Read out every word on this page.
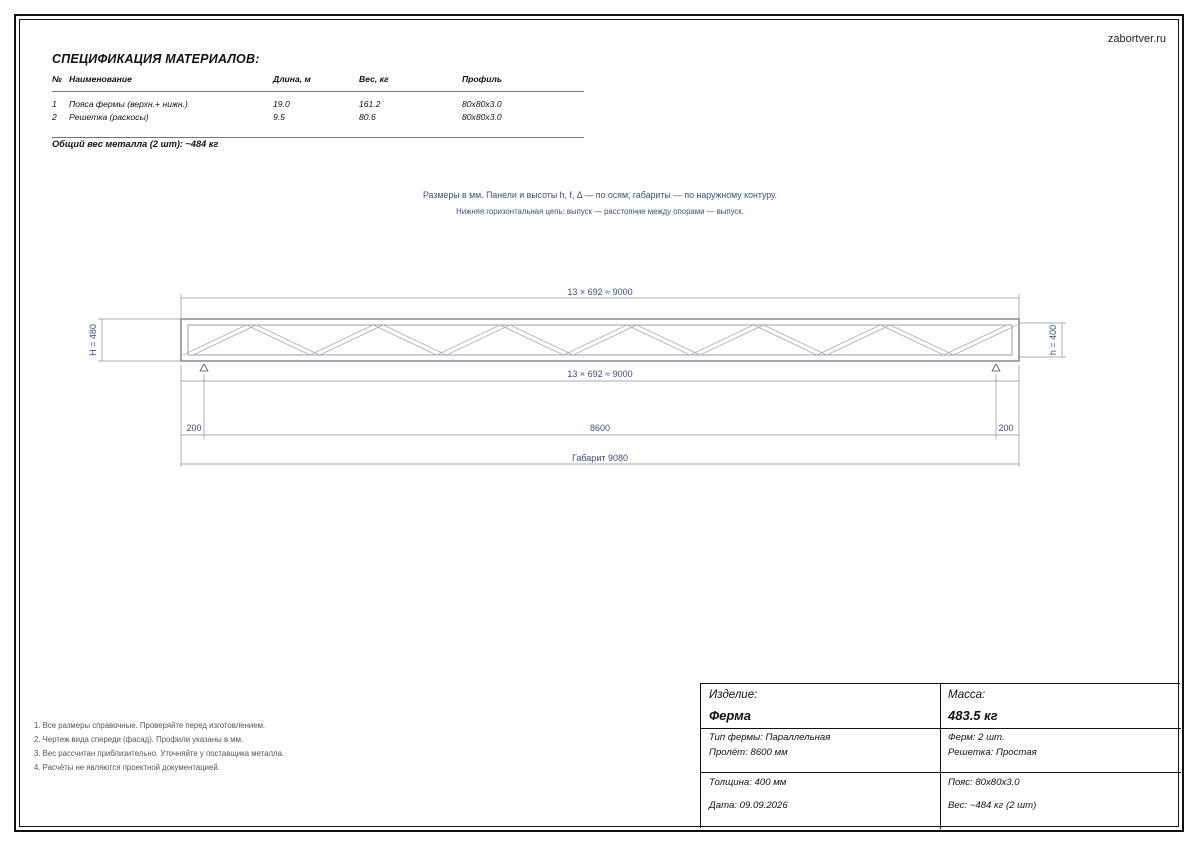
zabortver.ru
СПЕЦИФИКАЦИЯ МАТЕРИАЛОВ:
№ Наименование	Длина, м	Вес, кг	Профиль
1 Пояса фермы (верхн.+ нижн.)	19.0	161.2	80x80x3.0
2 Решетка (раскосы)	9.5	80.6	80x80x3.0
Общий вес металла (2 шт): ~484 кг
Размеры в мм. Панели и высоты h, f, Δ — по осям; габариты — по наружному контуру.
Нижняя горизонтальная цепь: выпуск — расстояние между опорами — выпуск.
13 × 692 ≈ 9000
13 × 692 ≈ 9000
H = 480	h = 400
200	8600	200
Габарит 9080
1. Все размеры справочные. Проверяйте перед изготовлением.
2. Чертеж вида спереди (фасад). Профили указаны в мм.
3. Вес рассчитан приблизительно. Уточняйте у поставщика металла.
4. Расчёты не являются проектной документацией.
Изделие:
Ферма
Масса:
483.5 кг
Тип фермы: Параллельная
Пролёт: 8600 мм
Ферм: 2 шт.
Решетка: Простая
Толщина: 400 мм
Дата: 09.09.2026
Пояс: 80x80x3.0
Вес: ~484 кг (2 шт)
